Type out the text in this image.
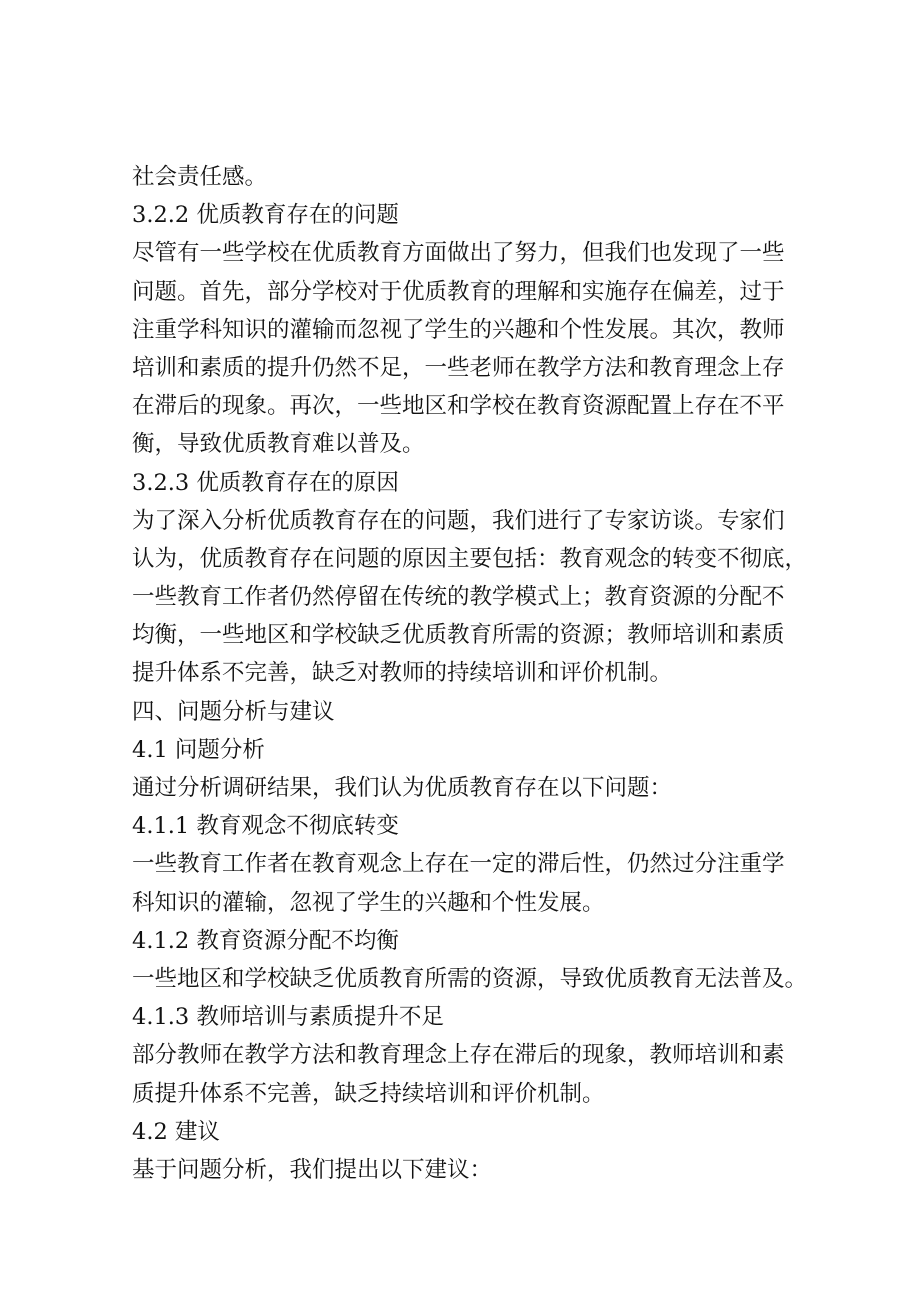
社会责任感。
3.2.2 优质教育存在的问题
尽管有一些学校在优质教育方面做出了努力，但我们也发现了一些
问题。首先，部分学校对于优质教育的理解和实施存在偏差，过于
注重学科知识的灌输而忽视了学生的兴趣和个性发展。其次，教师
培训和素质的提升仍然不足，一些老师在教学方法和教育理念上存
在滞后的现象。再次，一些地区和学校在教育资源配置上存在不平
衡，导致优质教育难以普及。
3.2.3 优质教育存在的原因
为了深入分析优质教育存在的问题，我们进行了专家访谈。专家们
认为，优质教育存在问题的原因主要包括：教育观念的转变不彻底，
一些教育工作者仍然停留在传统的教学模式上；教育资源的分配不
均衡，一些地区和学校缺乏优质教育所需的资源；教师培训和素质
提升体系不完善，缺乏对教师的持续培训和评价机制。
四、问题分析与建议
4.1 问题分析
通过分析调研结果，我们认为优质教育存在以下问题：
4.1.1 教育观念不彻底转变
一些教育工作者在教育观念上存在一定的滞后性，仍然过分注重学
科知识的灌输，忽视了学生的兴趣和个性发展。
4.1.2 教育资源分配不均衡
一些地区和学校缺乏优质教育所需的资源，导致优质教育无法普及。
4.1.3 教师培训与素质提升不足
部分教师在教学方法和教育理念上存在滞后的现象，教师培训和素
质提升体系不完善，缺乏持续培训和评价机制。
4.2 建议
基于问题分析，我们提出以下建议：
